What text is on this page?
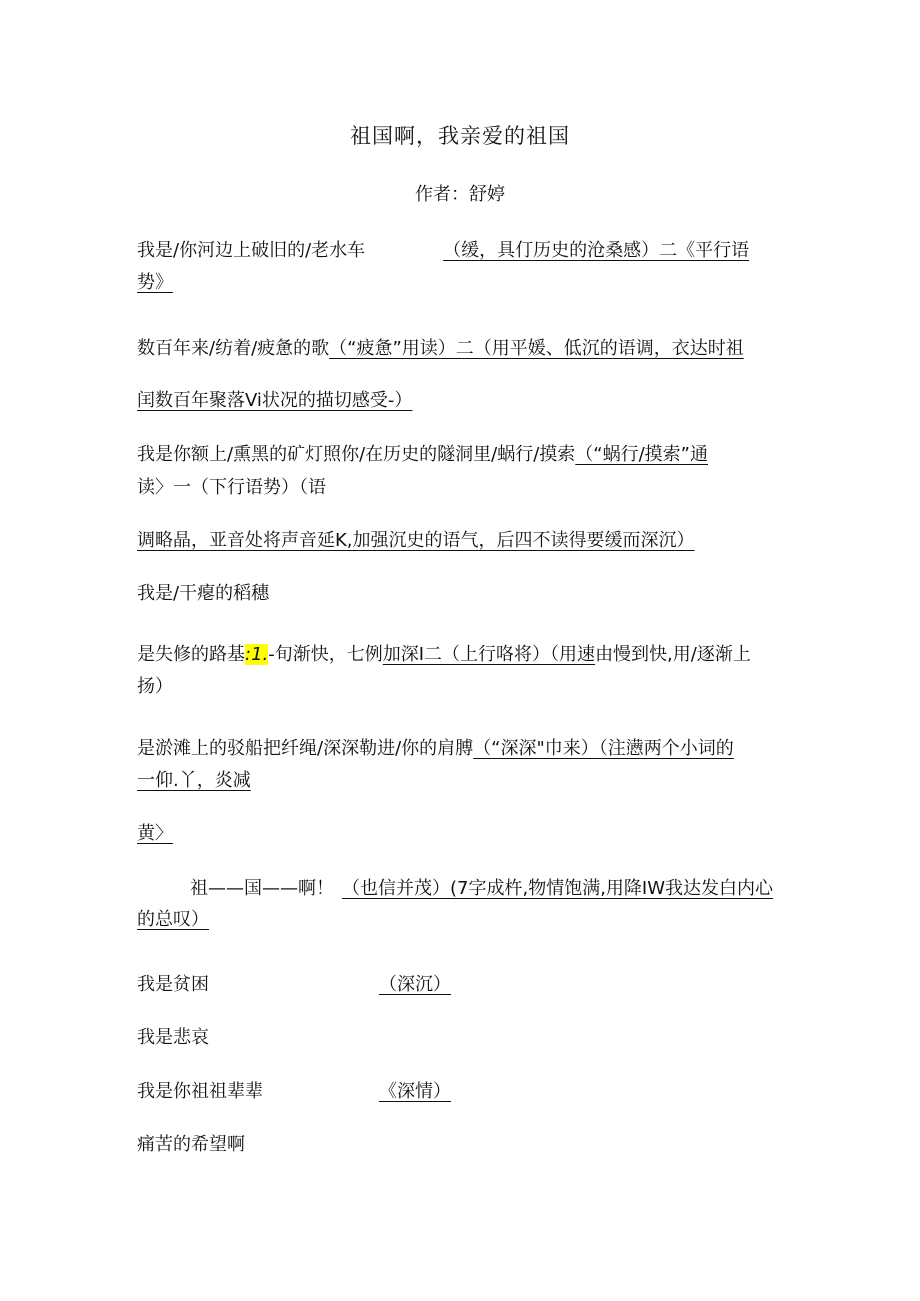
祖国啊，我亲爱的祖国
作者：舒婷
我是/你河边上破旧的/老水车	（缓，具仃历史的沧桑感）二《平行语
势》
数百年来/纺着/疲惫的歌（“疲惫”用读）二（用平媛、低沉的语调，衣达时祖
闰数百年聚落Vi状况的描切感受-）
我是你额上/熏黑的矿灯照你/在历史的隧洞里/蜗行/摸索（“蜗行/摸索”通
读〉一（下行语势）（语
调略晶，亚音处将声音延K,加强沉史的语气，后四不读得要缓而深沉）
我是/干瘪的稻穗
是失修的路基:1.-旬渐快，七例加深I二（上行咯将）（用速由慢到快,用/逐渐上
扬）
是淤滩上的驳船把纤绳/深深勒进/你的肩膊（“深深"巾来）（注懑两个小词的
一仰.丫，炎减
黄〉
祖——国——啊！ （也信并茂）(7字成杵,物情饱满,用降IW我达发白内心
的总叹）
我是贫困	（深沉）
我是悲哀
我是你祖祖辈辈	《深情）
痛苦的希望啊
